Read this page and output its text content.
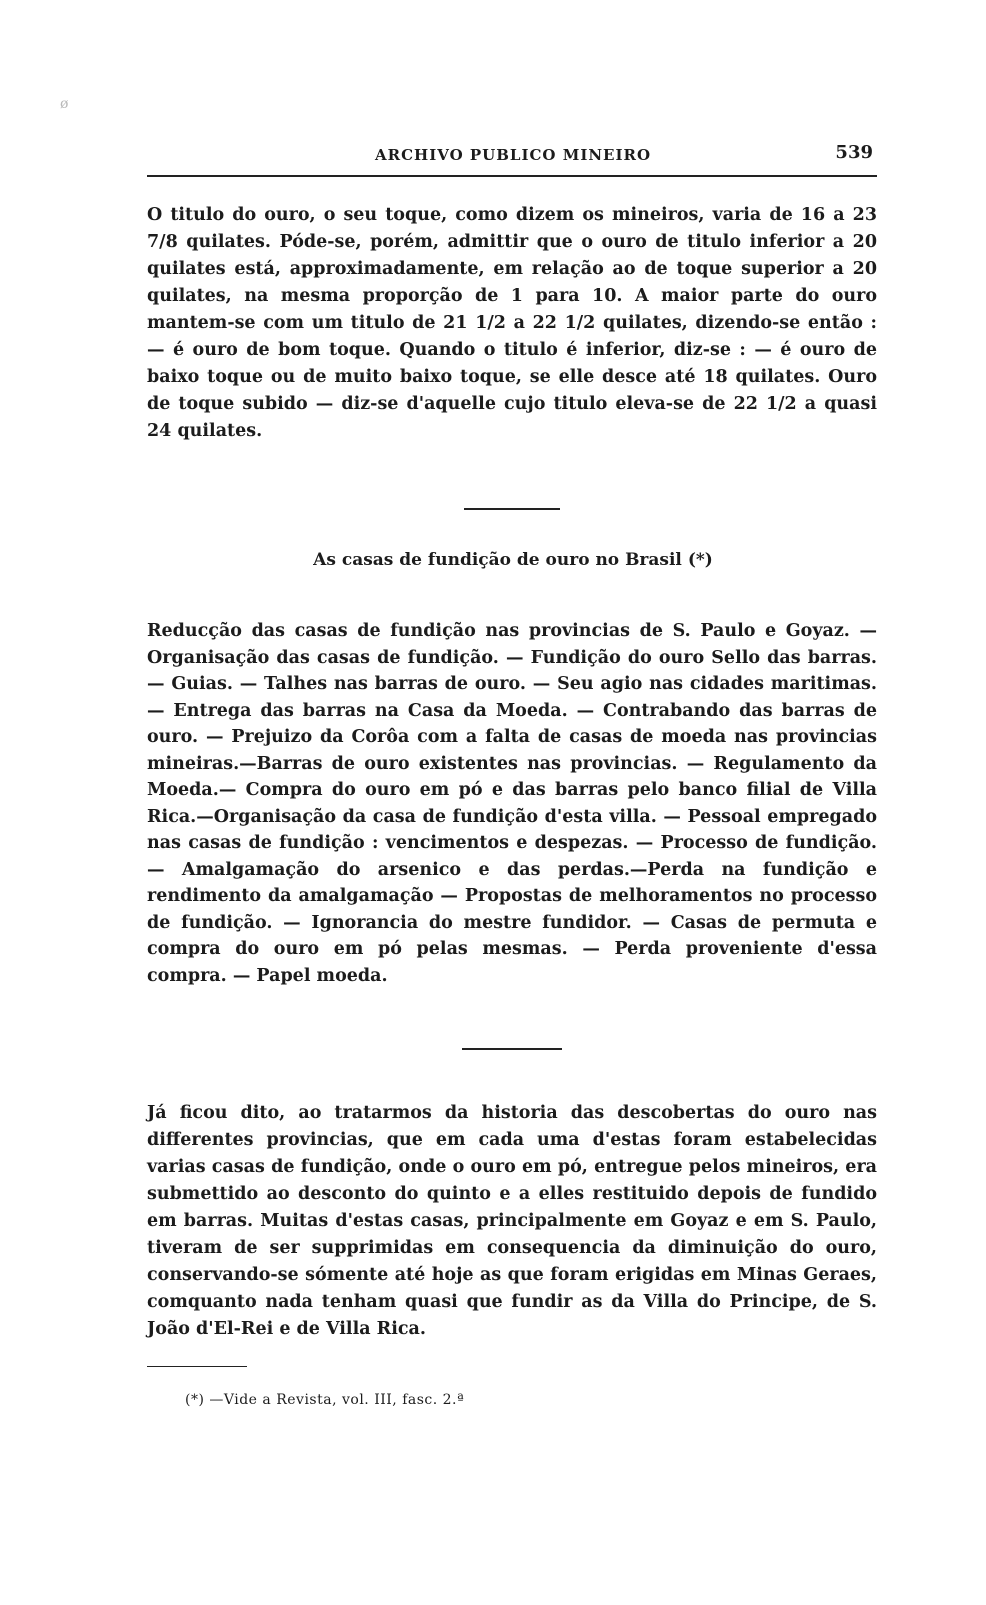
ø
ARCHIVO PUBLICO MINEIRO	539

O titulo do ouro, o seu toque, como dizem os mineiros, varia de 16 a 23 7/8 quilates. Póde-se, porém, admittir que o ouro de titulo inferior a 20 quilates está, approximadamente, em relação ao de toque superior a 20 quilates, na mesma proporção de 1 para 10. A maior parte do ouro mantem-se com um titulo de 21 1/2 a 22 1/2 quilates, dizendo-se então : — é ouro de bom toque. Quando o titulo é inferior, diz-se : — é ouro de baixo toque ou de muito baixo toque, se elle desce até 18 quilates. Ouro de toque subido — diz-se d'aquelle cujo titulo eleva-se de 22 1/2 a quasi 24 quilates.

As casas de fundição de ouro no Brasil (*)

Reducção das casas de fundição nas provincias de S. Paulo e Goyaz. — Organisação das casas de fundição. — Fundição do ouro Sello das barras. — Guias. — Talhes nas barras de ouro. — Seu agio nas cidades maritimas. — Entrega das barras na Casa da Moeda. — Contrabando das barras de ouro. — Prejuizo da Corôa com a falta de casas de moeda nas provincias mineiras.—Barras de ouro existentes nas provincias. — Regulamento da Moeda.— Compra do ouro em pó e das barras pelo banco filial de Villa Rica.—Organisação da casa de fundição d'esta villa. — Pessoal empregado nas casas de fundição : vencimentos e despezas. — Processo de fundição. — Amalgamação do arsenico e das perdas.—Perda na fundição e rendimento da amalgamação — Propostas de melhoramentos no processo de fundição. — Ignorancia do mestre fundidor. — Casas de permuta e compra do ouro em pó pelas mesmas. — Perda proveniente d'essa compra. — Papel moeda.

Já ficou dito, ao tratarmos da historia das descobertas do ouro nas differentes provincias, que em cada uma d'estas foram estabelecidas varias casas de fundição, onde o ouro em pó, entregue pelos mineiros, era submettido ao desconto do quinto e a elles restituido depois de fundido em barras. Muitas d'estas casas, principalmente em Goyaz e em S. Paulo, tiveram de ser supprimidas em consequencia da diminuição do ouro, conservando-se sómente até hoje as que foram erigidas em Minas Geraes, comquanto nada tenham quasi que fundir as da Villa do Principe, de S. João d'El-Rei e de Villa Rica.

(*) —Vide a Revista, vol. III, fasc. 2.ª
